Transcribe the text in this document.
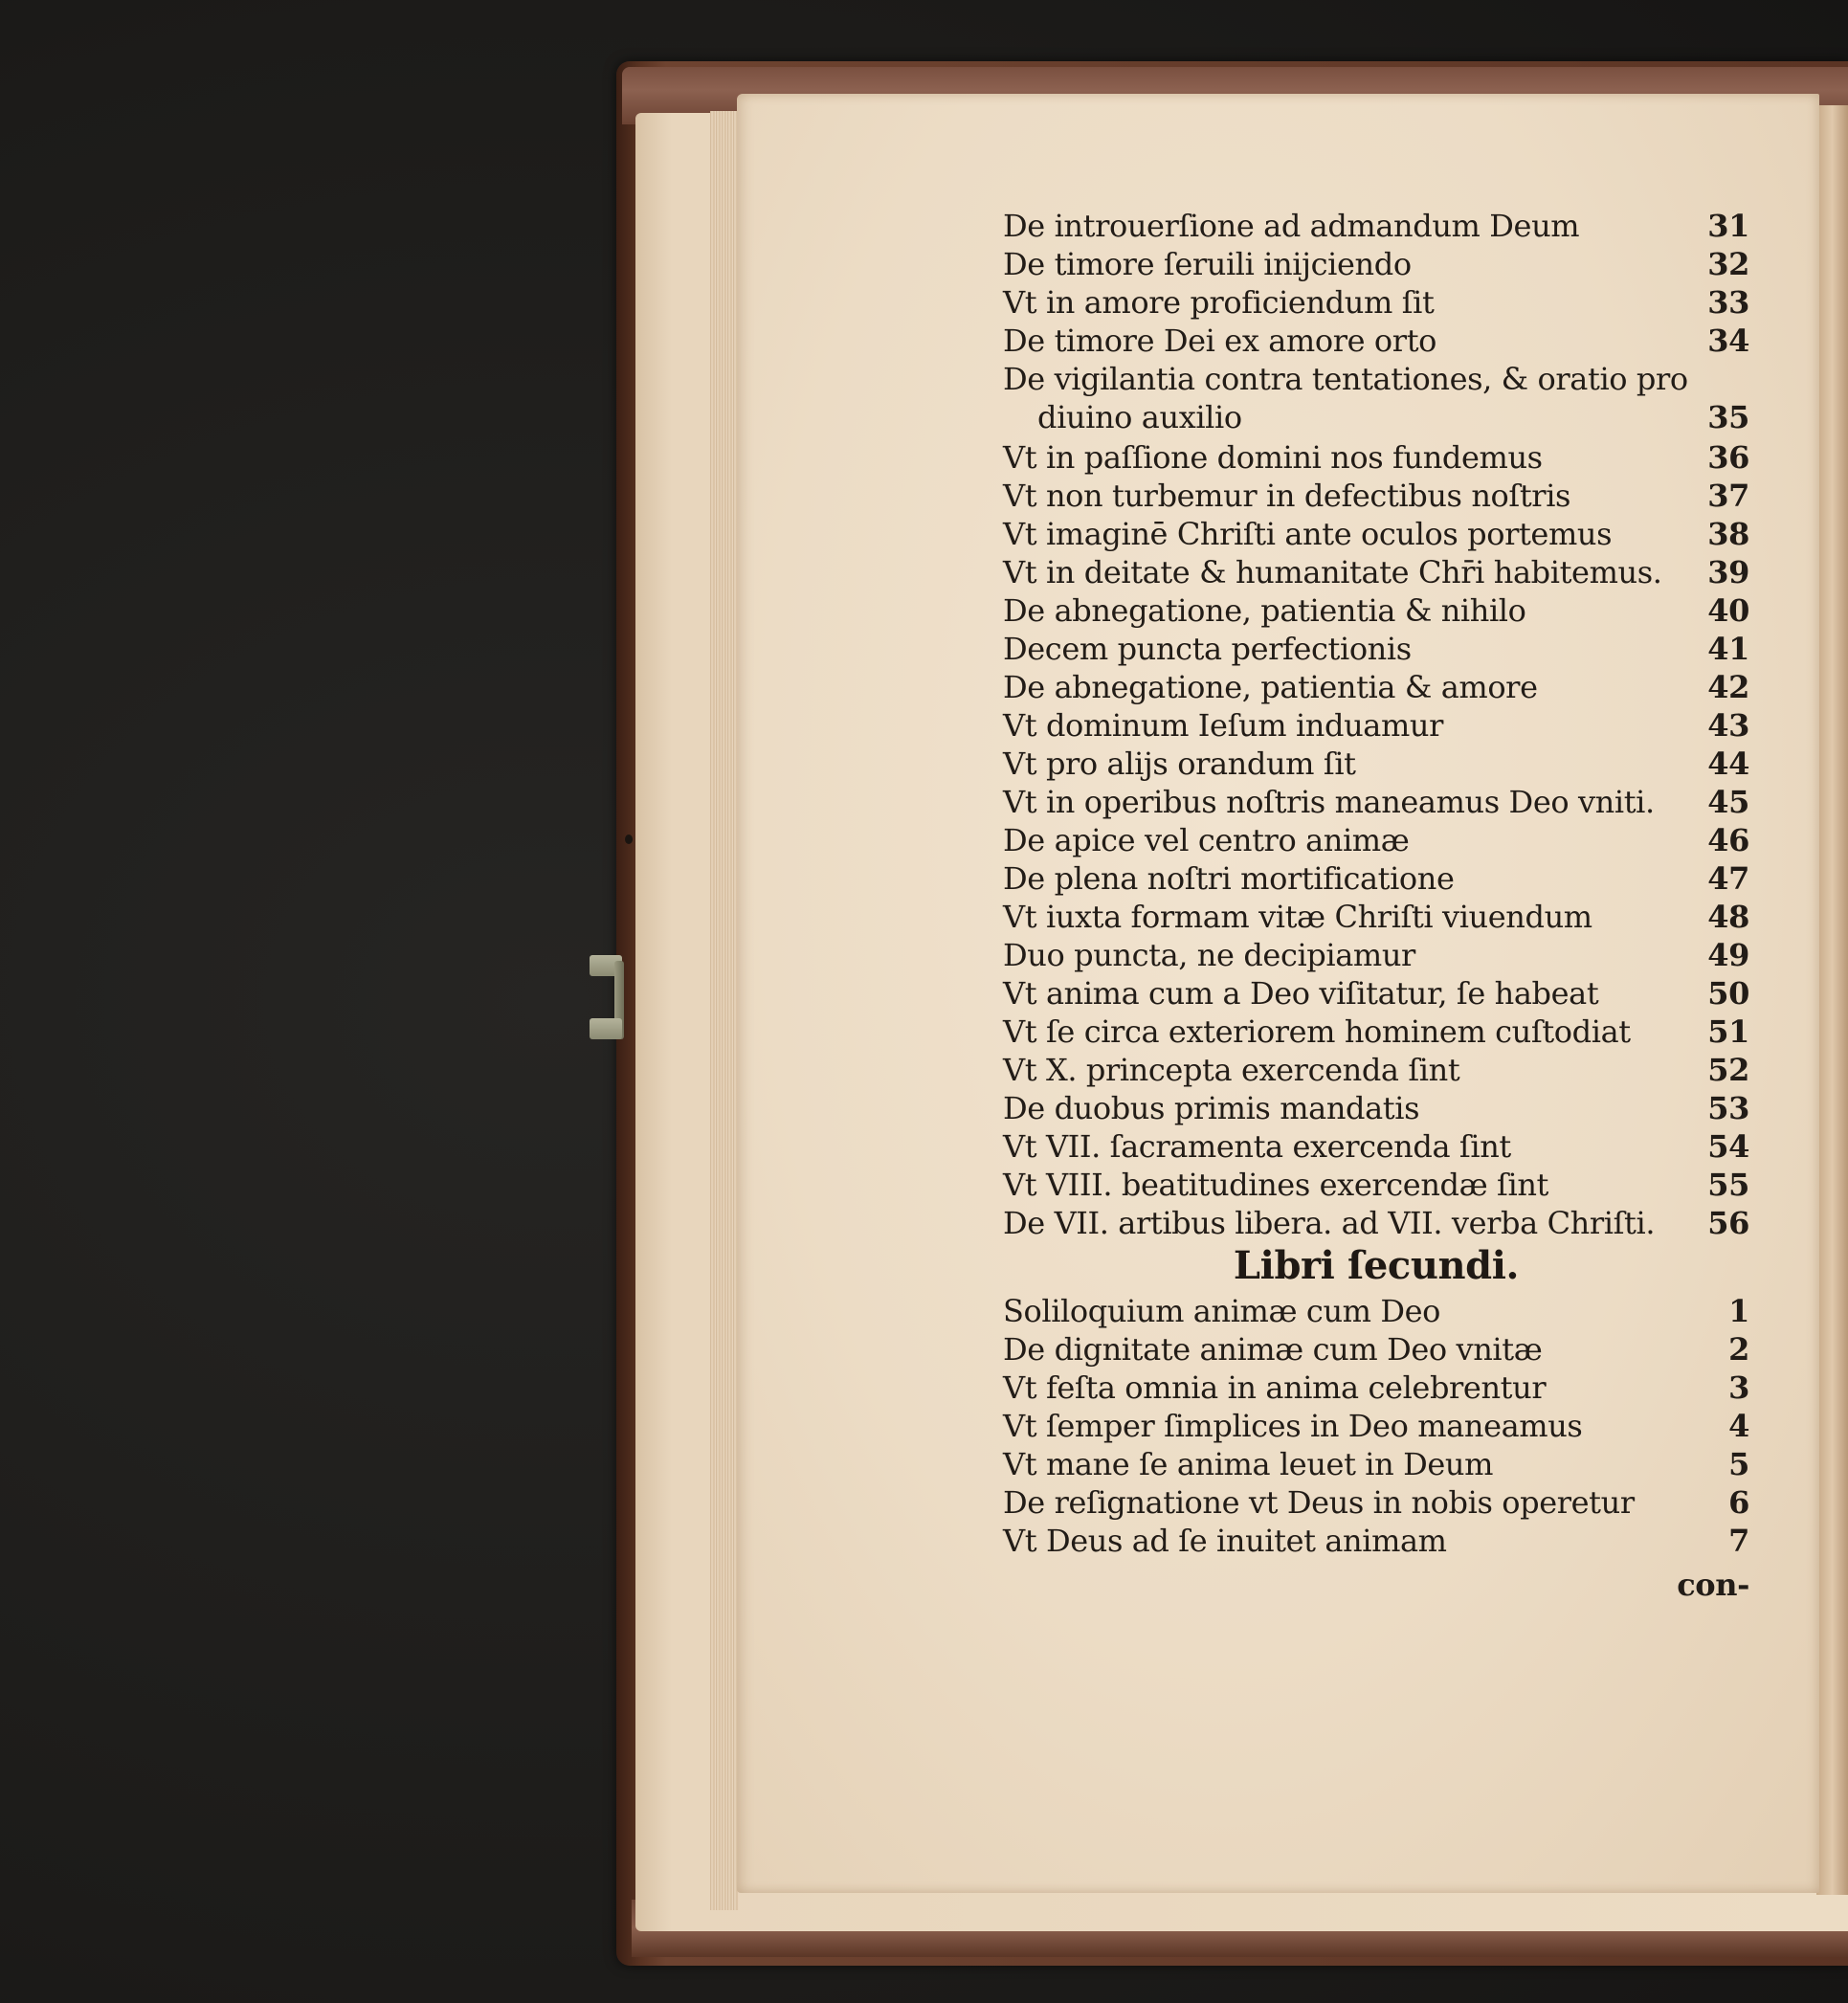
De introuerſione ad admandum Deum	31
De timore ſeruili inijciendo	32
Vt in amore proficiendum ſit	33
De timore Dei ex amore orto	34
De vigilantia contra tentationes, & oratio pro
diuino auxilio	35
Vt in paſſione domini nos fundemus	36
Vt non turbemur in defectibus noſtris	37
Vt imaginē Chriſti ante oculos portemus	38
Vt in deitate & humanitate Chr̄i habitemus. 39
De abnegatione, patientia & nihilo	40
Decem puncta perfectionis	41
De abnegatione, patientia & amore	42
Vt dominum Ieſum induamur	43
Vt pro alijs orandum ſit	44
Vt in operibus noſtris maneamus Deo vniti. 45
De apice vel centro animæ	46
De plena noſtri mortificatione	47
Vt iuxta formam vitæ Chriſti viuendum	48
Duo puncta, ne decipiamur	49
Vt anima cum a Deo viſitatur, ſe habeat	50
Vt ſe circa exteriorem hominem cuſtodiat	51
Vt X. princepta exercenda ſint	52
De duobus primis mandatis	53
Vt VII. ſacramenta exercenda ſint	54
Vt VIII. beatitudines exercendæ ſint	55
De VII. artibus libera. ad VII. verba Chriſti. 56
Libri ſecundi.
Soliloquium animæ cum Deo	1
De dignitate animæ cum Deo vnitæ	2
Vt feſta omnia in anima celebrentur	3
Vt ſemper ſimplices in Deo maneamus	4
Vt mane ſe anima leuet in Deum	5
De reſignatione vt Deus in nobis operetur	6
Vt Deus ad ſe inuitet animam	7
con-
